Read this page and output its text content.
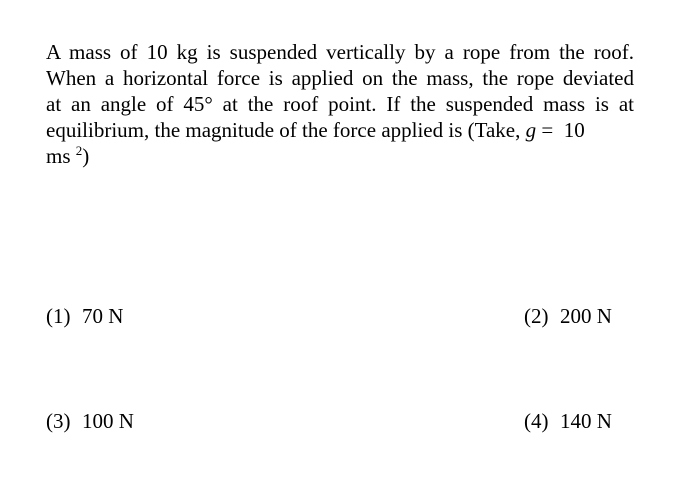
A mass of 10 kg is suspended vertically by a rope from the roof.
When a horizontal force is applied on the mass, the rope deviated
at an angle of 45° at the roof point. If the suspended mass is at
equilibrium, the magnitude of the force applied is (Take, g = 10
ms $^2$)
(1) 70 N	(2) 200 N
(3) 100 N	(4) 140 N
